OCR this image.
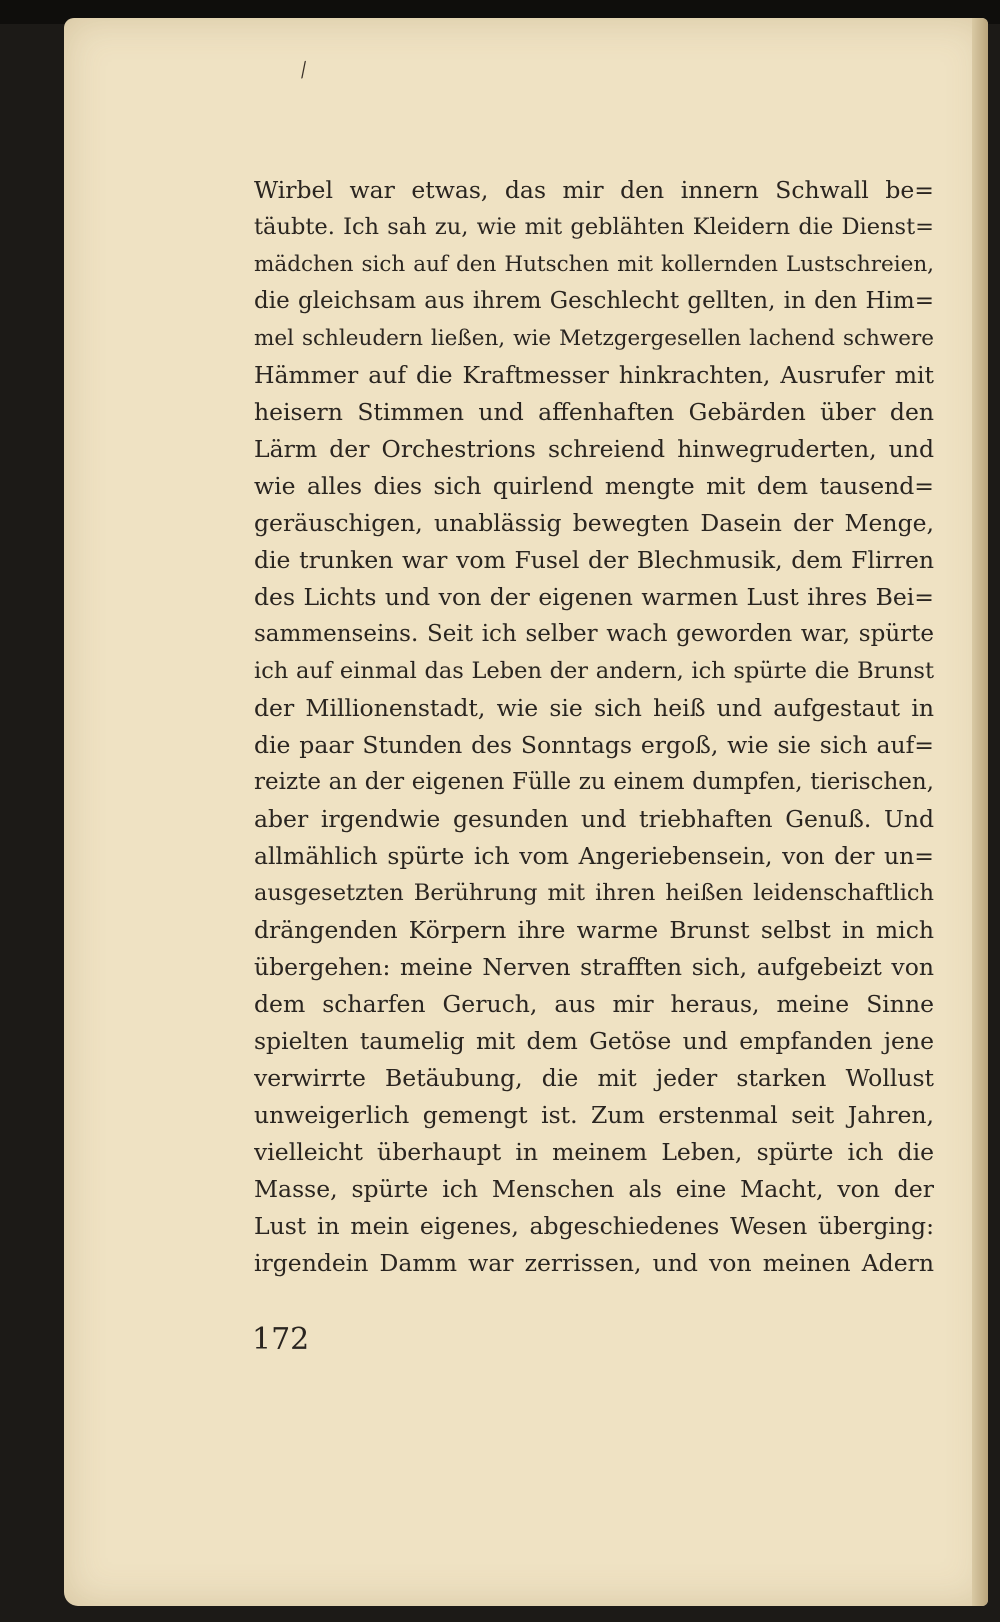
⁄
Wirbel war etwas, das mir den innern Schwall be=
täubte. Ich sah zu, wie mit geblähten Kleidern die Dienst=
mädchen sich auf den Hutschen mit kollernden Lustschreien,
die gleichsam aus ihrem Geschlecht gellten, in den Him=
mel schleudern ließen, wie Metzgergesellen lachend schwere
Hämmer auf die Kraftmesser hinkrachten, Ausrufer mit
heisern Stimmen und affenhaften Gebärden über den
Lärm der Orchestrions schreiend hinwegruderten, und
wie alles dies sich quirlend mengte mit dem tausend=
geräuschigen, unablässig bewegten Dasein der Menge,
die trunken war vom Fusel der Blechmusik, dem Flirren
des Lichts und von der eigenen warmen Lust ihres Bei=
sammenseins. Seit ich selber wach geworden war, spürte
ich auf einmal das Leben der andern, ich spürte die Brunst
der Millionenstadt, wie sie sich heiß und aufgestaut in
die paar Stunden des Sonntags ergoß, wie sie sich auf=
reizte an der eigenen Fülle zu einem dumpfen, tierischen,
aber irgendwie gesunden und triebhaften Genuß. Und
allmählich spürte ich vom Angeriebensein, von der un=
ausgesetzten Berührung mit ihren heißen leidenschaftlich
drängenden Körpern ihre warme Brunst selbst in mich
übergehen: meine Nerven strafften sich, aufgebeizt von
dem scharfen Geruch, aus mir heraus, meine Sinne
spielten taumelig mit dem Getöse und empfanden jene
verwirrte Betäubung, die mit jeder starken Wollust
unweigerlich gemengt ist. Zum erstenmal seit Jahren,
vielleicht überhaupt in meinem Leben, spürte ich die
Masse, spürte ich Menschen als eine Macht, von der
Lust in mein eigenes, abgeschiedenes Wesen überging:
irgendein Damm war zerrissen, und von meinen Adern
172
